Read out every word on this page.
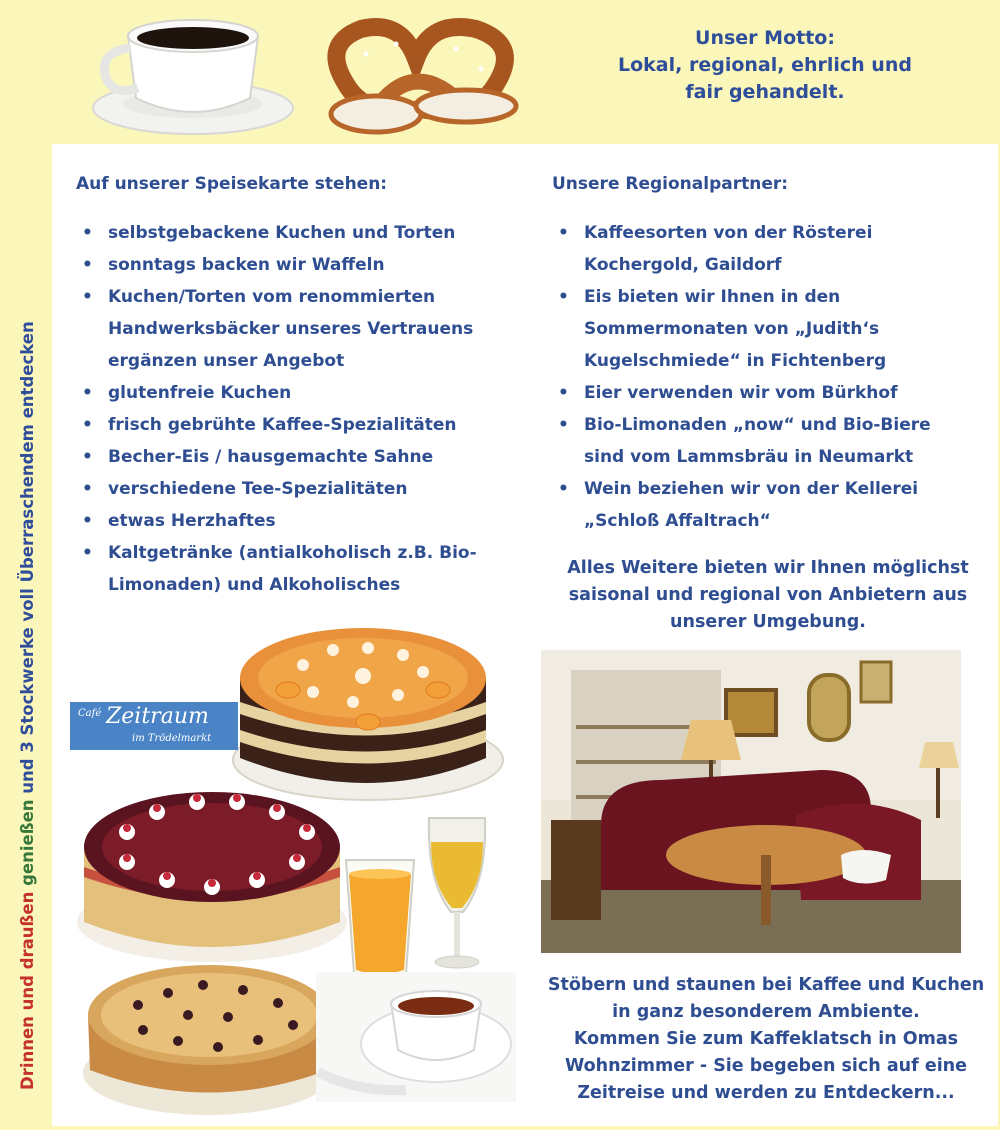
Unser Motto:
Lokal, regional, ehrlich und
fair gehandelt.
Drinnen und draußen genießen und 3 Stockwerke voll Überraschendem entdecken
Auf unserer Speisekarte stehen:
• selbstgebackene Kuchen und Torten
• sonntags backen wir Waffeln
• Kuchen/Torten vom renommierten Handwerksbäcker unseres Vertrauens ergänzen unser Angebot
• glutenfreie Kuchen
• frisch gebrühte Kaffee-Spezialitäten
• Becher-Eis / hausgemachte Sahne
• verschiedene Tee-Spezialitäten
• etwas Herzhaftes
• Kaltgetränke (antialkoholisch z.B. Bio-Limonaden) und Alkoholisches
Unsere Regionalpartner:
• Kaffeesorten von der Rösterei Kochergold, Gaildorf
• Eis bieten wir Ihnen in den Sommermonaten von „Judith‘s Kugelschmiede“ in Fichtenberg
• Eier verwenden wir vom Bürkhof
• Bio-Limonaden „now“ und Bio-Biere sind vom Lammsbräu in Neumarkt
• Wein beziehen wir von der Kellerei „Schloß Affaltrach“
Alles Weitere bieten wir Ihnen möglichst
saisonal und regional von Anbietern aus
unserer Umgebung.
Café Zeitraum
im Trödelmarkt
Stöbern und staunen bei Kaffee und Kuchen
in ganz besonderem Ambiente.
Kommen Sie zum Kaffeklatsch in Omas
Wohnzimmer - Sie begeben sich auf eine
Zeitreise und werden zu Entdeckern...
